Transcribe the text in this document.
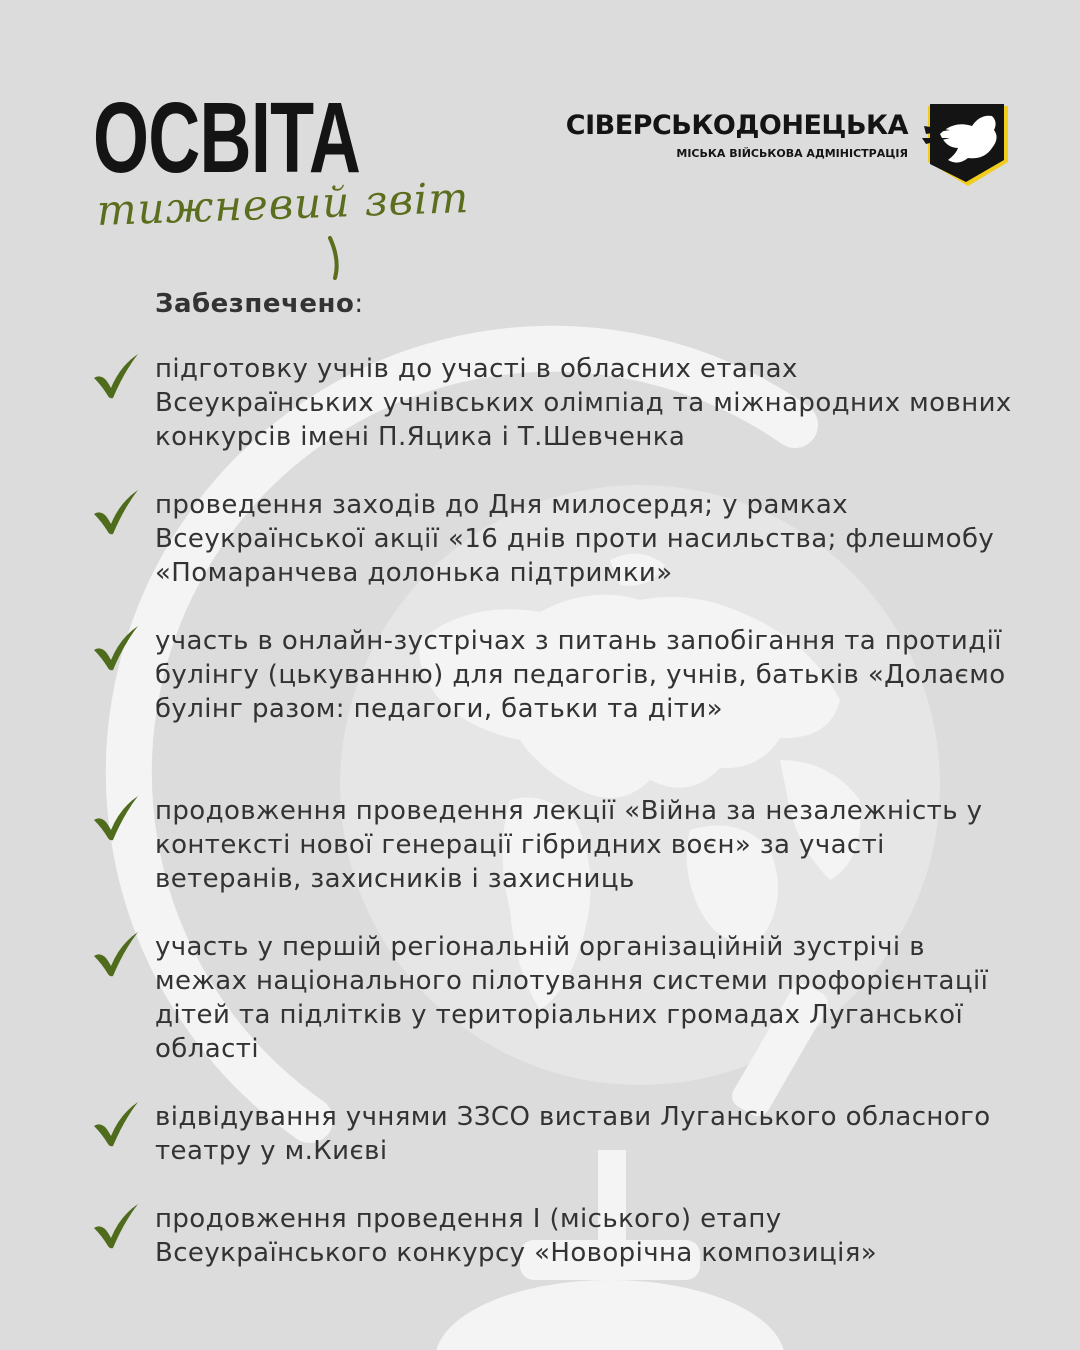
ОСВІТА
тижневий звіт
СІВЕРСЬКОДОНЕЦЬКА
МІСЬКА ВІЙСЬКОВА АДМІНІСТРАЦІЯ
Забезпечено:

підготовку учнів до участі в обласних етапах Всеукраїнських учнівських олімпіад та міжнародних мовних конкурсів імені П.Яцика і Т.Шевченка

проведення заходів до Дня милосердя; у рамках Всеукраїнської акції «16 днів проти насильства; флешмобу «Помаранчева долонька підтримки»

участь в онлайн-зустрічах з питань запобігання та протидії булінгу (цькуванню) для педагогів, учнів, батьків «Долаємо булінг разом: педагоги, батьки та діти»

продовження проведення лекції «Війна за незалежність у контексті нової генерації гібридних воєн» за участі ветеранів, захисників і захисниць

участь у першій регіональній організаційній зустрічі в межах національного пілотування системи профорієнтації дітей та підлітків у територіальних громадах Луганської області

відвідування учнями ЗЗСО вистави Луганського обласного театру у м.Києві

продовження проведення І (міського) етапу Всеукраїнського конкурсу «Новорічна композиція»
